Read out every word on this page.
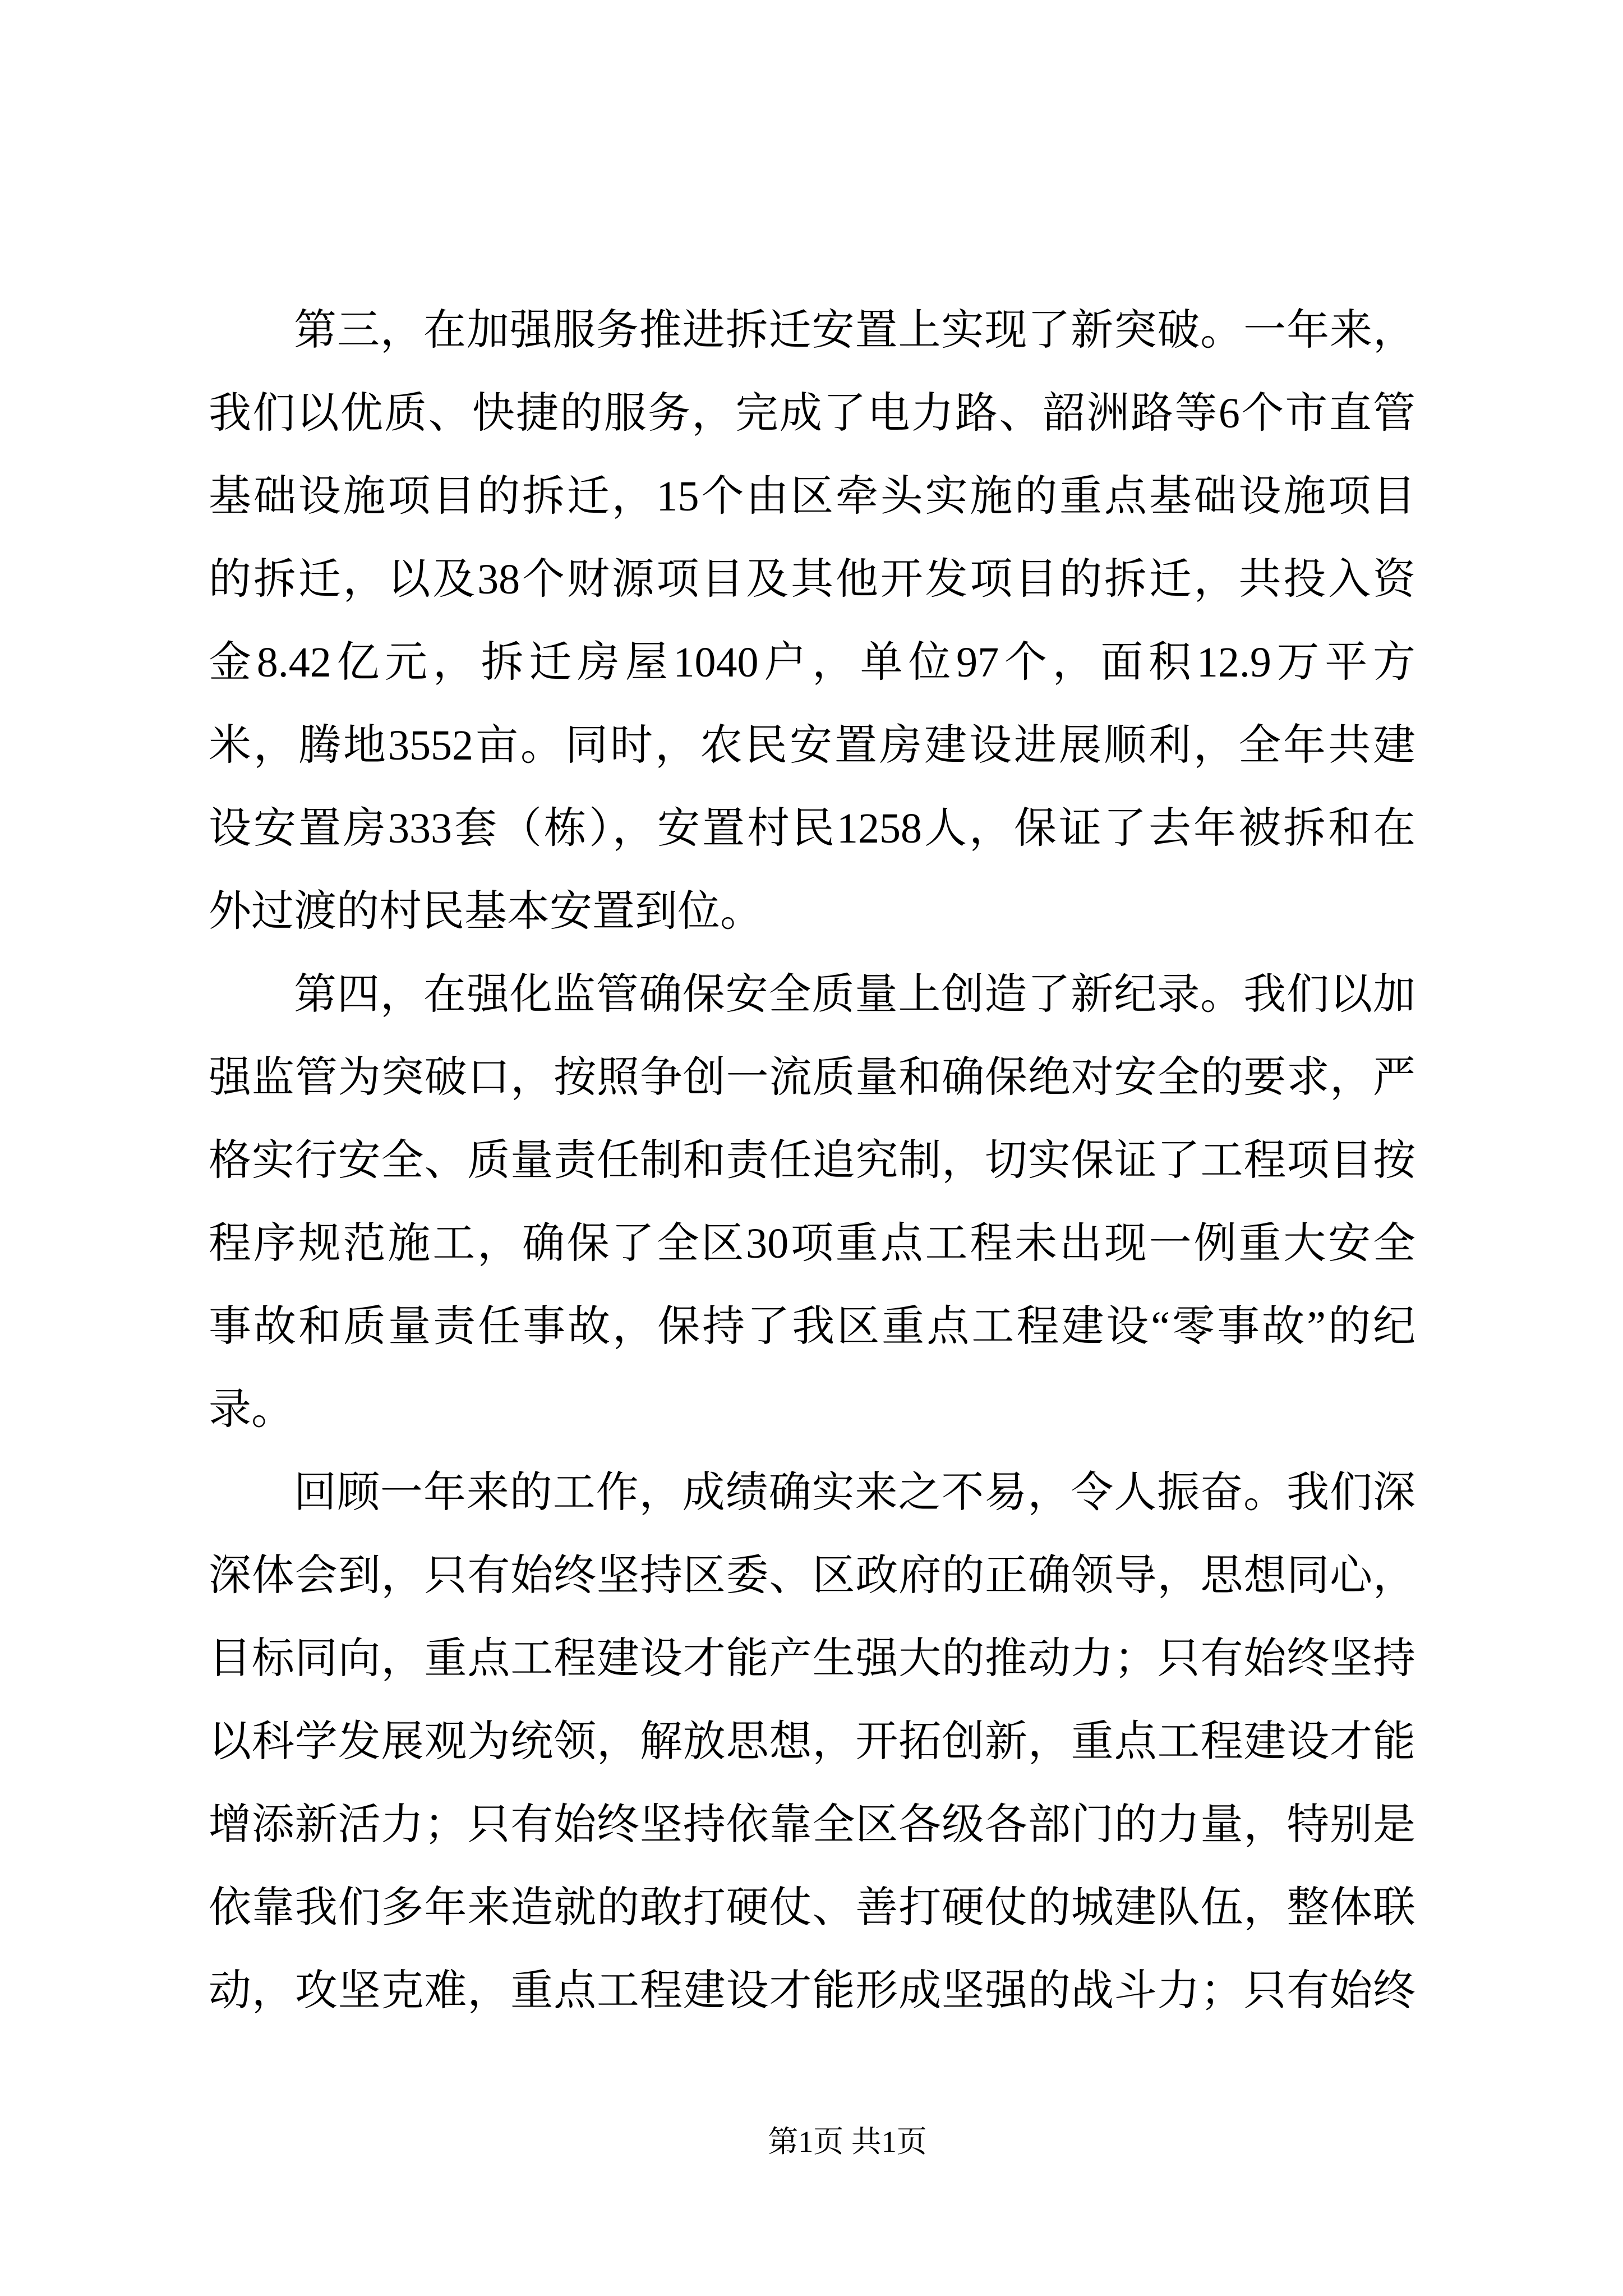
第三，在加强服务推进拆迁安置上实现了新突破。一年来，
我们以优质、快捷的服务，完成了电力路、韶洲路等6个市直管
基础设施项目的拆迁，15个由区牵头实施的重点基础设施项目
的拆迁，以及38个财源项目及其他开发项目的拆迁，共投入资
金8.42亿元，拆迁房屋1040户，单位97个，面积12.9万平方
米，腾地3552亩。同时，农民安置房建设进展顺利，全年共建
设安置房333套（栋），安置村民1258人，保证了去年被拆和在
外过渡的村民基本安置到位。
第四，在强化监管确保安全质量上创造了新纪录。我们以加
强监管为突破口，按照争创一流质量和确保绝对安全的要求，严
格实行安全、质量责任制和责任追究制，切实保证了工程项目按
程序规范施工，确保了全区30项重点工程未出现一例重大安全
事故和质量责任事故，保持了我区重点工程建设“零事故”的纪
录。
回顾一年来的工作，成绩确实来之不易，令人振奋。我们深
深体会到，只有始终坚持区委、区政府的正确领导，思想同心，
目标同向，重点工程建设才能产生强大的推动力；只有始终坚持
以科学发展观为统领，解放思想，开拓创新，重点工程建设才能
增添新活力；只有始终坚持依靠全区各级各部门的力量，特别是
依靠我们多年来造就的敢打硬仗、善打硬仗的城建队伍，整体联
动，攻坚克难，重点工程建设才能形成坚强的战斗力；只有始终
第1页 共1页
